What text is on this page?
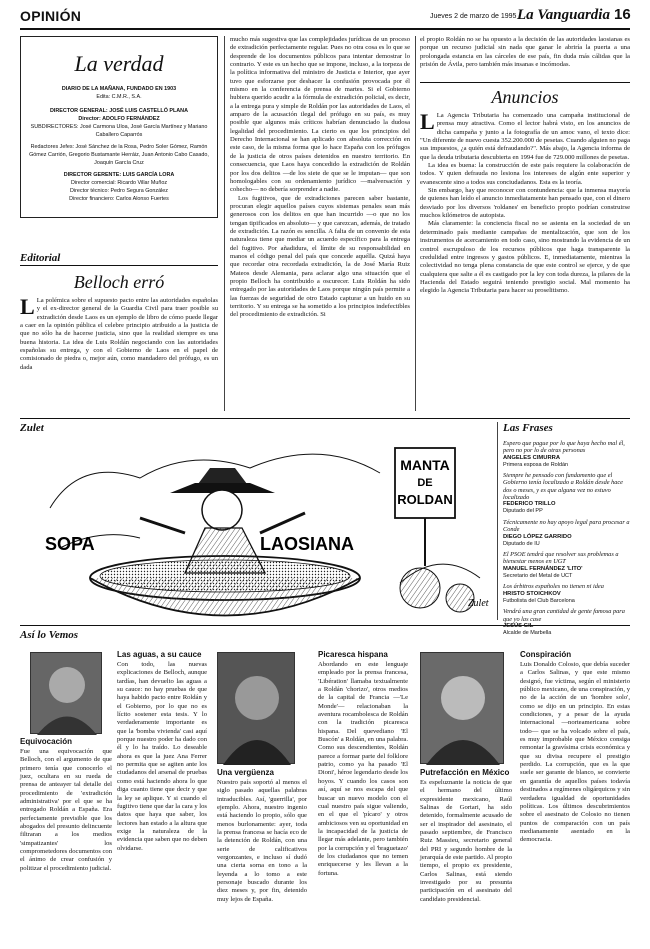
OPINIÓN	Jueves 2 de marzo de 1995 La Vanguardia 16
La verdad
DIARIO DE LA MAÑANA, FUNDADO EN 1903
Edita: C.M.R., S.A.
DIRECTOR GENERAL: JOSÉ LUIS CASTELLÓ PLANA
Director: ADOLFO FERNÁNDEZ
SUBDIRECTORES: José Carmona Uloa, José García Martínez y Mariano Caballero Caparrós
Redactores Jefes: José Sánchez de la Rosa, Pedro Soler Gómez, Ramón Gómez Carrión, Gregorio Bustamante Herráiz, Juan Antonio Cabo Casado, Joaquín García Cruz
DIRECTOR GERENTE: LUIS GARCÍA LORA
Director comercial: Ricardo Villar Muñoz
Director técnico: Pedro Segura González
Director financiero: Carlos Alonso Fuertes
Editorial
Belloch erró
L La polémica sobre el supuesto pacto entre las autoridades españolas y el ex-director general de la Guardia Civil para traer posible su extradición desde Laos es un ejemplo de libro de cómo puede llegar a caer en la opinión pública el celebre principio atribuido a la justicia de que no sólo ha de hacerse justicia, sino que la realidad siempre es una buena historia. La idea de Luis Roldán negociando con las autoridades españolas su entrega, y con el Gobierno de Laos en el papel de comisionado de piedra o, mejor aún, como mandadero del prófugo, es un dada

mucho más sugestiva que las complejidades jurídicas de un proceso de extradición perfectamente regular. Pues no otra cosa es lo que se desprende de los documentos públicos para intentar demostrar lo contrario. Y este es un hecho que se impone, incluso, a la torpeza de la política informativa del ministro de Justicia e Interior, que ayer tuvo que esforzarse por deshacer la confusión provocada por él mismo en la conferencia de prensa de martes. Si el Gobierno hubiera querido acudir a la fórmula de extradición policial, es decir, a la entrega pura y simple de Roldán por las autoridades de Laos, el amparo de la acusación ilegal del prófugo en su país, es muy posible que algunos más críticos habrían denunciado la dudosa legalidad del procedimiento. La cierto es que los principios del Derecho Internacional se han aplicado con absoluta corrección en este caso, de la misma forma que lo hace España con los prófugos de la justicia de otros países detenidos en nuestro territorio. En consecuencia, que Laos haya concedido la extradición de Roldán por los dos delitos —de los siete de que se le imputan— que son homologables con su ordenamiento jurídico —malversación y cohecho— no debería sorprender a nadie.

Los fugitivos, que de extradiciones parecen saber bastante, procuran elegir aquellos países cuyos sistemas penales sean más generosos con los delitos en que han incurrido —o que no los tengan tipificados en absoluto— y que carezcan, además, de tratado de extradición. La razón es sencilla. A falta de un convenio de esta naturaleza tiene que mediar un acuerdo específico para la entrega del fugitivo. Por añadidura, el límite de su responsabilidad en manos el código penal del país que concede aquélla. Quizá haya que recordar otra recordada extradición, la de José María Ruiz Mateos desde Alemania, para aclarar algo una situación que el propio Belloch ha contribuido a oscurecer. Luis Roldán ha sido entregado por las autoridades de Laos porque ningún país permite a las fuerzas de seguridad de otro Estado capturar a un huido en su territorio. Y su entrega se ha sometido a los principios indefectibles del procedimiento de extradición. Si

el propio Roldán no se ha opuesto a la decisión de las autoridades laosianas es porque un recurso judicial sin nada que ganar le abriría la puerta a una prolongada estancia en las cárceles de ese país, fin duda más cálidas que la prisión de Ávila, pero también más insanas e incómodas.

Anuncios
L La Agencia Tributaria ha comenzado una campaña institucional de prensa muy atractiva. Como el lector habrá visto, en los anuncios de dicha campaña y junto a la fotografía de un amoc vano, el texto dice: "Un diferente de nuevo cuesta 352.200.000 de pesetas. Cuando alguien no paga sus impuestos, ¿a quién está defraudando?". Más abajo, la Agencia informa de que la deuda tributaria descubierta en 1994 fue de 729.000 millones de pesetas.

La idea es buena: la construcción de este país requiere la colaboración de todos. Y quien defrauda no lesiona los intereses de algún ente superior y evanescente sino a todos sus conciudadanos. Esta es la teoría.

Sin embargo, hay que reconocer con contundencia: que la inmensa mayoría de quienes han leído el anuncio inmediatamente han pensado que, con el dinero desviado por los diversos 'roldanes' en beneficio propio podrían construirse muchos kilómetros de autopista.

Más claramente: la conciencia fiscal no se asienta en la sociedad de un determinado país mediante campañas de mentalización, que son de los instrumentos de acercamiento en todo caso, sino mostrando la evidencia de un control escrupuloso de los recursos públicos que haga transparente la credulidad entre ingresos y gastos públicos. E, inmediatamente, mientras la colectividad no tenga plena constancia de que este control se ejerce, y de que cualquiera que salte a él es castigado por la ley con toda dureza, la pilares de la Hacienda del Estado seguirá teniendo prestigio social. Mal momento ha elegido la Agencia Tributaria para hacer su proselitismo.

Zulet
SOPA	LAOSIANA
MANTA
DE
ROLDAN
Zulet
Las Frases
Espero que pague por lo que haya hecho mal él, pero no por lo de otras personas
ANGELES CIMURRA
Primera esposa de Roldán
Siempre he pensado con fundamento que el Gobierno tenía localizado a Roldán desde hace dos o meses, y es que alguna vez no estuvo localizado
FEDERICO TRILLO
Diputado del PP
Técnicamente no hay apoyo legal para procesar a Conde
DIEGO LÓPEZ GARRIDO
Diputado de IU
El PSOE tendrá que resolver sus problemas a bienestar menos en UGT
MANUEL FERNÁNDEZ 'LITO'
Secretario del Metal de UCT
Los árbitros españoles no tienen ni idea
HRISTO STOICHKOV
Futbolista del Club Barcelona
Vendrá una gran cantidad de gente famosa para que yo las case
Alcalde de Marbella
Así lo Vemos
Equivocación

Fue una equivocación que Belloch, con el argumento de que primero tenía que conocerlo el juez, ocultara en su rueda de prensa de anteayer tal detalle del procedimiento de 'extradición administrativa' por el que se ha entregado Roldán a España. Era perfectamente previsible que los abogados del presunto delincuente filtraran a los medios 'simpatizantes' los comprometedores documentos con el ánimo de crear confusión y politizar el procedimiento judicial.

Las aguas, a su cauce

Con todo, las nuevas explicaciones de Belloch, aunque tardías, han devuelto las aguas a su cauce: no hay pruebas de que haya habido pacto entre Roldán y el Gobierno, por lo que no es lícito sostener esta tesis. Y lo verdaderamente importante es que la 'bomba vivienda' casi aquí porque nuestro poder ha dado con él y lo ha traído. Lo deseable ahora es que la juez Ana Ferrer no permita que se agiten ante los ciudadanos del arsenal de pruebas como está haciendo ahora lo que diga cuanto tiene que decir y que la ley se aplique. Y si cuando el fugitivo tiene que dar la cara y los datos que haya que saber, los lectores han estado a la altura que exige la naturaleza de la evidencia que saben que no deben olvidarse.

Una vergüenza

Nuestro país soportó al menos el siglo pasado aquellas palabras intraducibles. Así, 'guerrilla', por ejemplo. Ahora, nuestro ingenio está haciendo lo propio, sólo que menos burlonamente: ayer, toda la prensa francesa se hacía eco de la detención de Roldán, con una serie de calificativos vergonzantes, e incluso sí dudó una cierta sorna en tono a la leyenda a lo tomo a este personaje buscado durante los diez meses y, por fin, detenido muy lejos de España.

Picaresca hispana

Abordando en este lenguaje empleado por la prensa francesa, 'Libération' llamaba textualmente a Roldán 'chorizo', otros medios de la capital de Francia —'Le Monde'— relacionaban la aventura rocambolesca de Roldán con la tradición picaresca hispana. Del quevediano 'El Buscón' a Roldán, en una palabra. Como sus descendientes, Roldán parece a formar parte del folklore patrio, como ya ha pasado 'El Dioni', héroe legendario desde los hoyos. Y cuando los casos son así, aquí se nos escapa del que buscar un nuevo modelo con el cual nuestro país sigue valiendo, en el que el 'pícaro' y otros ambiciosos ven su oportunidad en la incapacidad de la justicia de llegar más adelante, pero también por la corrupción y el 'braguetazo' de los ciudadanos que no temen enriquecerse y les llevan a la fortuna.

Putrefacción en México

Es espeluznante la noticia de que el hermano del último expresidente mexicano, Raúl Salinas de Gortari, ha sido detenido, formalmente acusado de ser el inspirador del asesinato, el pasado septiembre, de Francisco Ruiz Massieu, secretario general del PRI y segundo hombre de la jerarquía de este partido. Al propio tiempo, el propio ex presidente, Carlos Salinas, está siendo investigado por su presunta participación en el asesinato del candidato presidencial.

Conspiración

Luis Donaldo Colosio, que debía suceder a Carlos Salinas, y que este mismo designó, fue víctima, según el ministerio público mexicano, de una conspiración, y no de la acción de un 'hombre solo', como se dijo en un principio. En estas condiciones, y a pesar de la ayuda internacional —norteamericana sobre todo— que se ha volcado sobre el país, es muy improbable que México consiga remontar la gravísima crisis económica y que su divisa recupere el prestigio perdido. La corrupción, que es la que suele ser garante de blanco, se convierte en garantía de aquellos países todavía destinados a regímenes oligárquicos y sin verdadera igualdad de oportunidades políticas. Los últimos descubrimientos sobre el asesinato de Colosio no tienen puntos de comparación con un país medianamente asentado en la democracia.
